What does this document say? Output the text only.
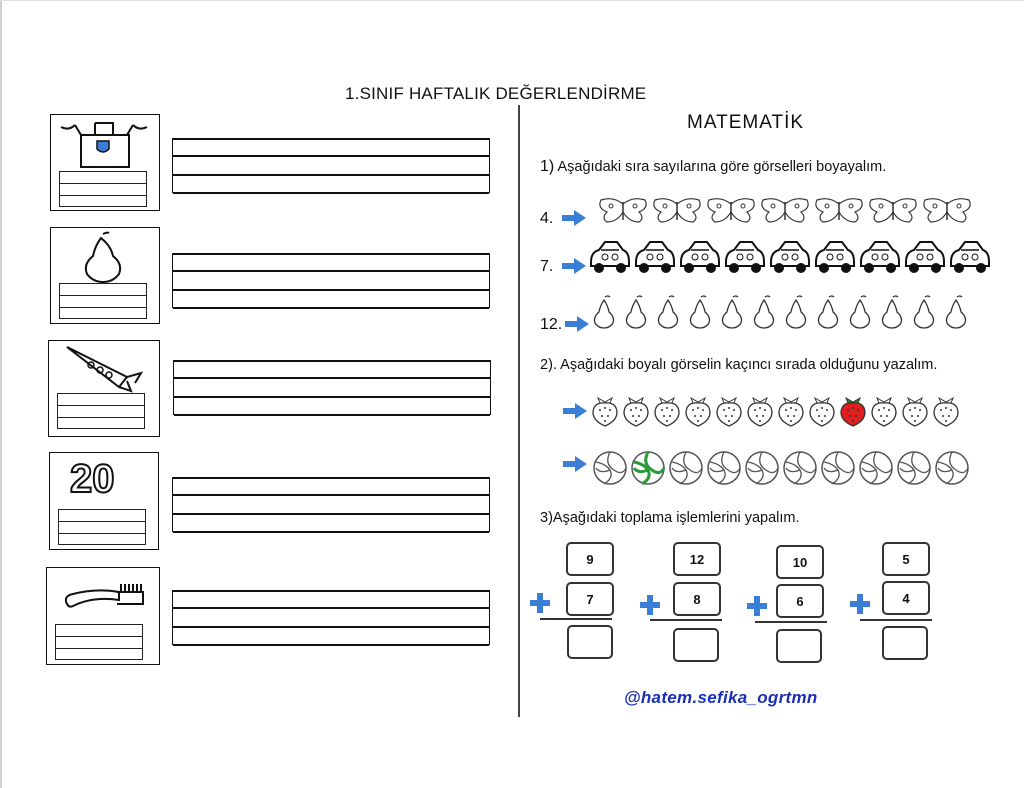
1.SINIF HAFTALIK DEĞERLENDİRME
20
MATEMATİK
1) Aşağıdaki sıra sayılarına göre görselleri boyayalım.
4.
7.
12.
2). Aşağıdaki boyalı görselin kaçıncı sırada olduğunu yazalım.
3)Aşağıdaki toplama işlemlerini yapalım.
9
7
12
8
10
6
5
4
@hatem.sefika_ogrtmn
